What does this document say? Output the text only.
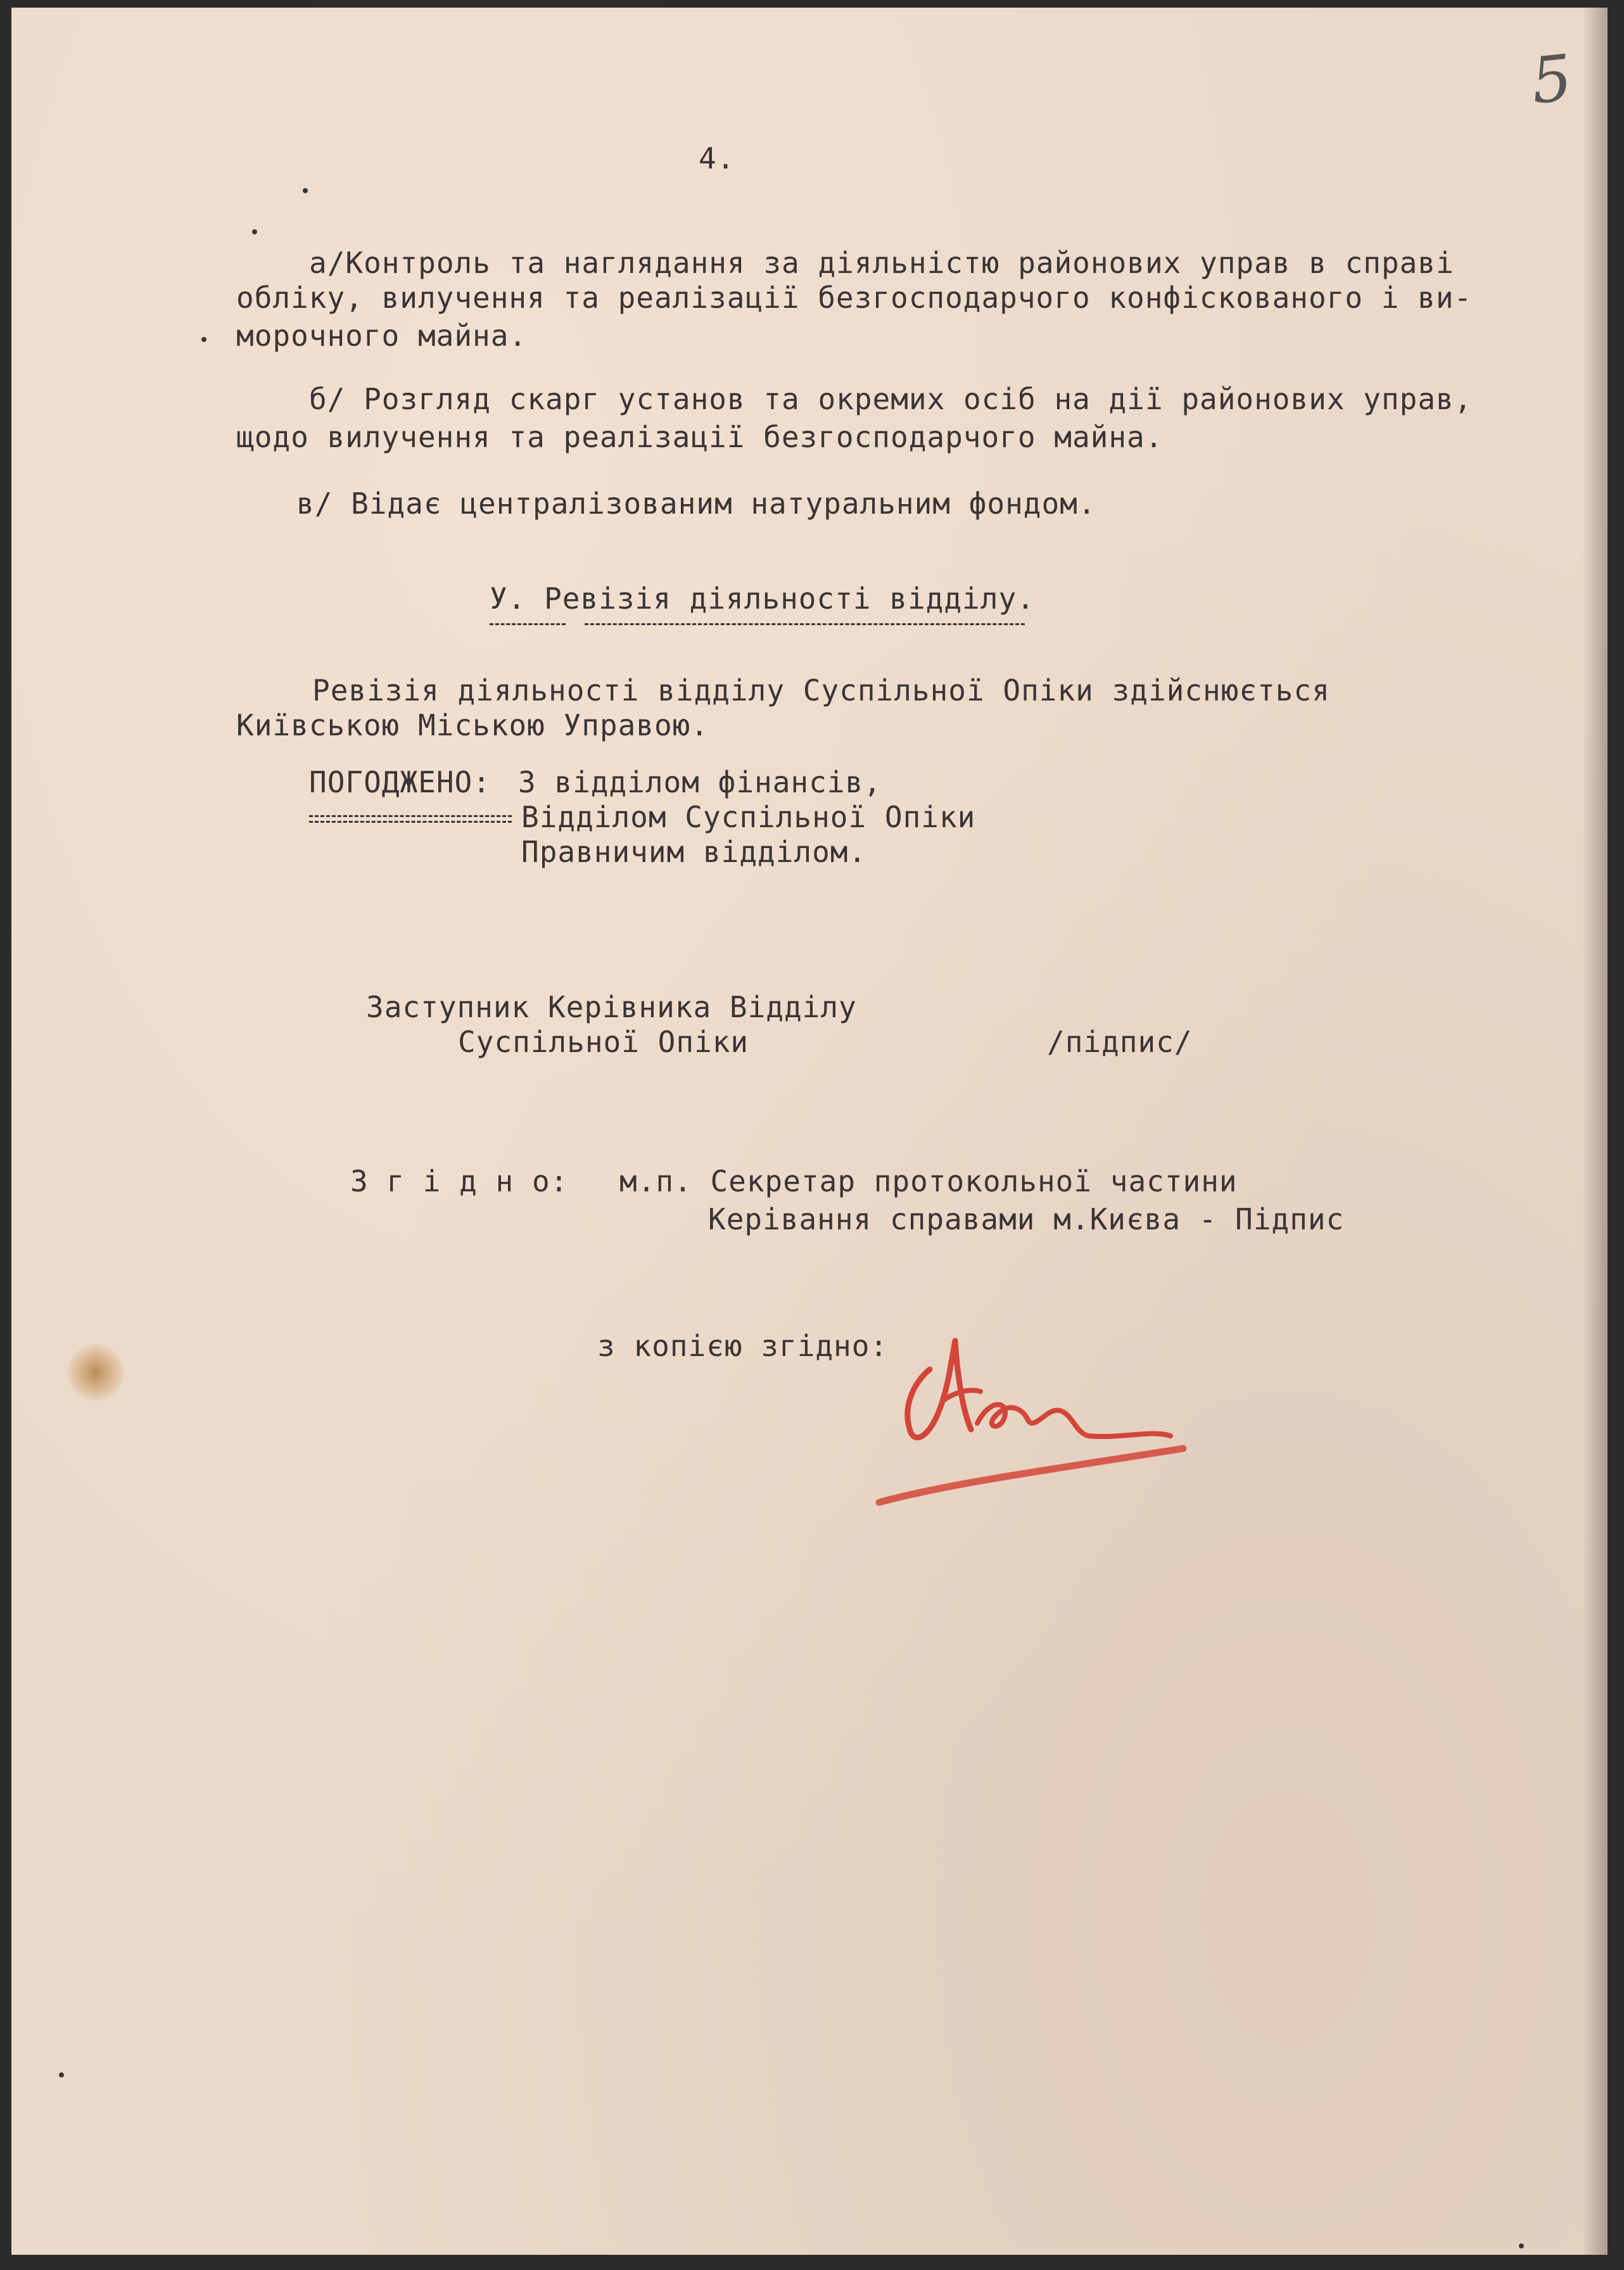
5
4.
а/Контроль та наглядання за діяльністю районових управ в справі
обліку, вилучення та реалізації безгосподарчого конфіскованого і ви-
морочного майна.
б/ Розгляд скарг установ та окремих осіб на дії районових управ,
щодо вилучення та реалізації безгосподарчого майна.
в/ Відає централізованим натуральним фондом.
У. Ревізія діяльності відділу.
Ревізія діяльності відділу Суспільної Опіки здійснюється
Київською Міською Управою.
ПОГОДЖЕНО: З відділом фінансів,
Відділом Суспільної Опіки
Правничим відділом.
Заступник Керівника Відділу
Суспільної Опіки	/підпис/
З г і д н о: м.п. Секретар протокольної частини
Керівання справами м.Києва - Підпис
з копією згідно:
